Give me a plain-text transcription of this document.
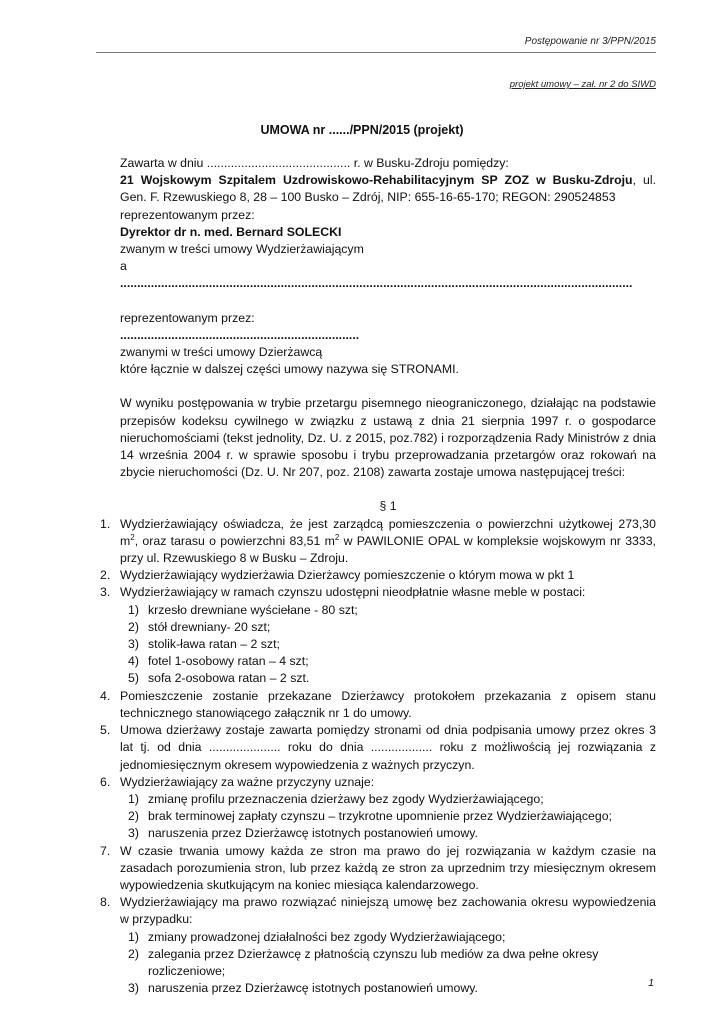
Postępowanie nr 3/PPN/2015
projekt umowy – zał. nr 2 do SIWD
UMOWA nr ....../PPN/2015 (projekt)

Zawarta w dniu .......................................... r. w Busku-Zdroju pomiędzy:

21 Wojskowym Szpitalem Uzdrowiskowo-Rehabilitacyjnym SP ZOZ w Busku-Zdroju, ul. Gen. F. Rzewuskiego 8, 28 – 100 Busko – Zdrój, NIP: 655-16-65-170; REGON: 290524853

reprezentowanym przez:

Dyrektor dr n. med. Bernard SOLECKI

zwanym w treści umowy Wydzierżawiającym

a

......................................................................................................................................................

reprezentowanym przez:

......................................................................

zwanymi w treści umowy Dzierżawcą

które łącznie w dalszej części umowy nazywa się STRONAMI.

W wyniku postępowania w trybie przetargu pisemnego nieograniczonego, działając na podstawie przepisów kodeksu cywilnego w związku z ustawą z dnia 21 sierpnia 1997 r. o gospodarce nieruchomościami (tekst jednolity, Dz. U. z 2015, poz.782) i rozporządzenia Rady Ministrów z dnia 14 września 2004 r. w sprawie sposobu i trybu przeprowadzania przetargów oraz rokowań na zbycie nieruchomości (Dz. U. Nr 207, poz. 2108) zawarta zostaje umowa następującej treści:

§ 1

1. Wydzierżawiający oświadcza, że jest zarządcą pomieszczenia o powierzchni użytkowej 273,30 $m^2$, oraz tarasu o powierzchni 83,51 $m^2$ w PAWILONIE OPAL w kompleksie wojskowym nr 3333, przy ul. Rzewuskiego 8 w Busku – Zdroju.
2. Wydzierżawiający wydzierżawia Dzierżawcy pomieszczenie o którym mowa w pkt 1
3. Wydzierżawiający w ramach czynszu udostępni nieodpłatnie własne meble w postaci:
1) krzesło drewniane wyściełane - 80 szt;
2) stół drewniany- 20 szt;
3) stolik-ława ratan – 2 szt;
4) fotel 1-osobowy ratan – 4 szt;
5) sofa 2-osobowa ratan – 2 szt.
4. Pomieszczenie zostanie przekazane Dzierżawcy protokołem przekazania z opisem stanu technicznego stanowiącego załącznik nr 1 do umowy.
5. Umowa dzierżawy zostaje zawarta pomiędzy stronami od dnia podpisania umowy przez okres 3 lat tj. od dnia ..................... roku do dnia .................. roku z możliwością jej rozwiązania z jednomiesięcznym okresem wypowiedzenia z ważnych przyczyn.
6. Wydzierżawiający za ważne przyczyny uznaje:
1) zmianę profilu przeznaczenia dzierżawy bez zgody Wydzierżawiającego;
2) brak terminowej zapłaty czynszu – trzykrotne upomnienie przez Wydzierżawiającego;
3) naruszenia przez Dzierżawcę istotnych postanowień umowy.
7. W czasie trwania umowy każda ze stron ma prawo do jej rozwiązania w każdym czasie na zasadach porozumienia stron, lub przez każdą ze stron za uprzednim trzy miesięcznym okresem wypowiedzenia skutkującym na koniec miesiąca kalendarzowego.
8. Wydzierżawiający ma prawo rozwiązać niniejszą umowę bez zachowania okresu wypowiedzenia w przypadku:
1) zmiany prowadzonej działalności bez zgody Wydzierżawiającego;
2) zalegania przez Dzierżawcę z płatnością czynszu lub mediów za dwa pełne okresy rozliczeniowe;
3) naruszenia przez Dzierżawcę istotnych postanowień umowy.	1
